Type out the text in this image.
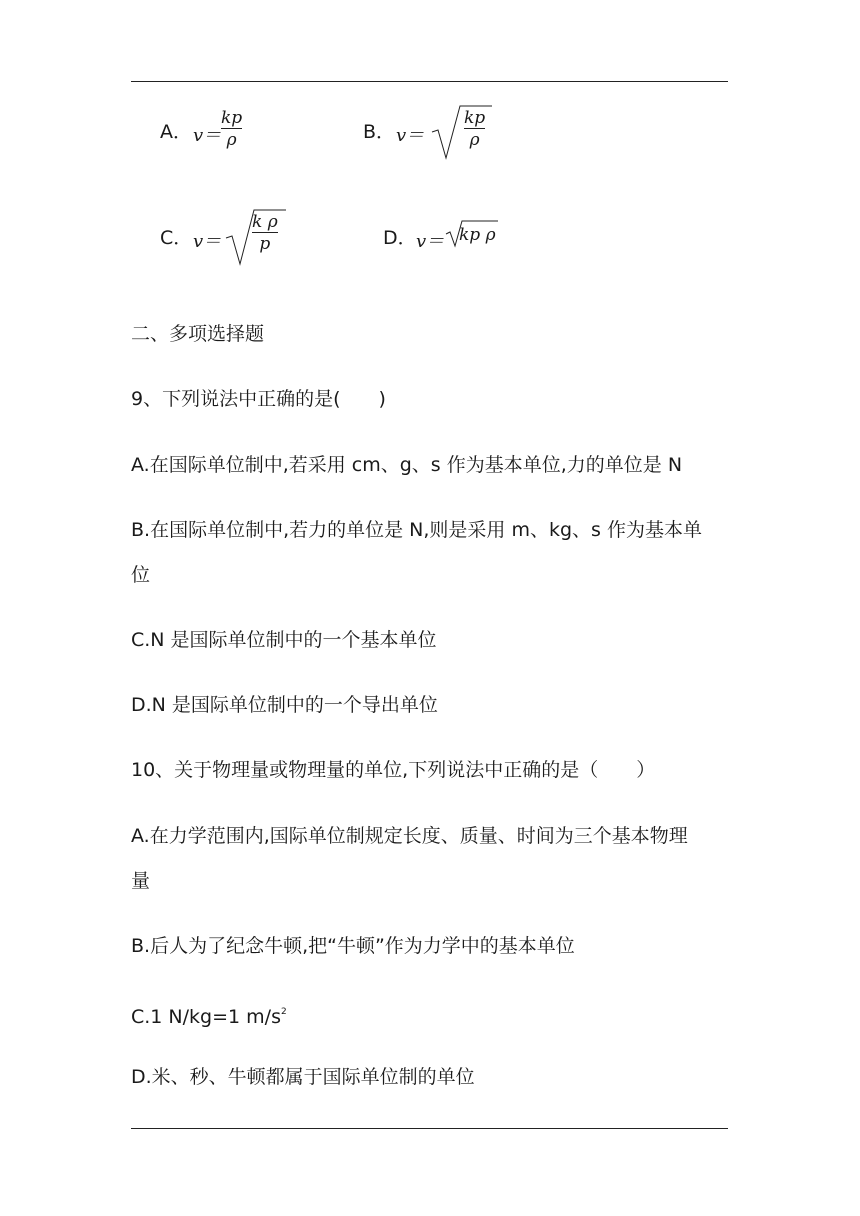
A． v＝
kp
ρ	B． v＝
kp
ρ
C． v＝
k ρ
p	D． v＝ kp ρ
二、多项选择题
9、下列说法中正确的是(　　)
A.在国际单位制中,若采用 cm、g、s 作为基本单位,力的单位是 N
B.在国际单位制中,若力的单位是 N,则是采用 m、kg、s 作为基本单
位
C.N 是国际单位制中的一个基本单位
D.N 是国际单位制中的一个导出单位
10、关于物理量或物理量的单位,下列说法中正确的是（　　）
A.在力学范围内,国际单位制规定长度、质量、时间为三个基本物理
量
B.后人为了纪念牛顿,把“牛顿”作为力学中的基本单位
C.1 N/kg=1 $m/s^2$
D.米、秒、牛顿都属于国际单位制的单位
